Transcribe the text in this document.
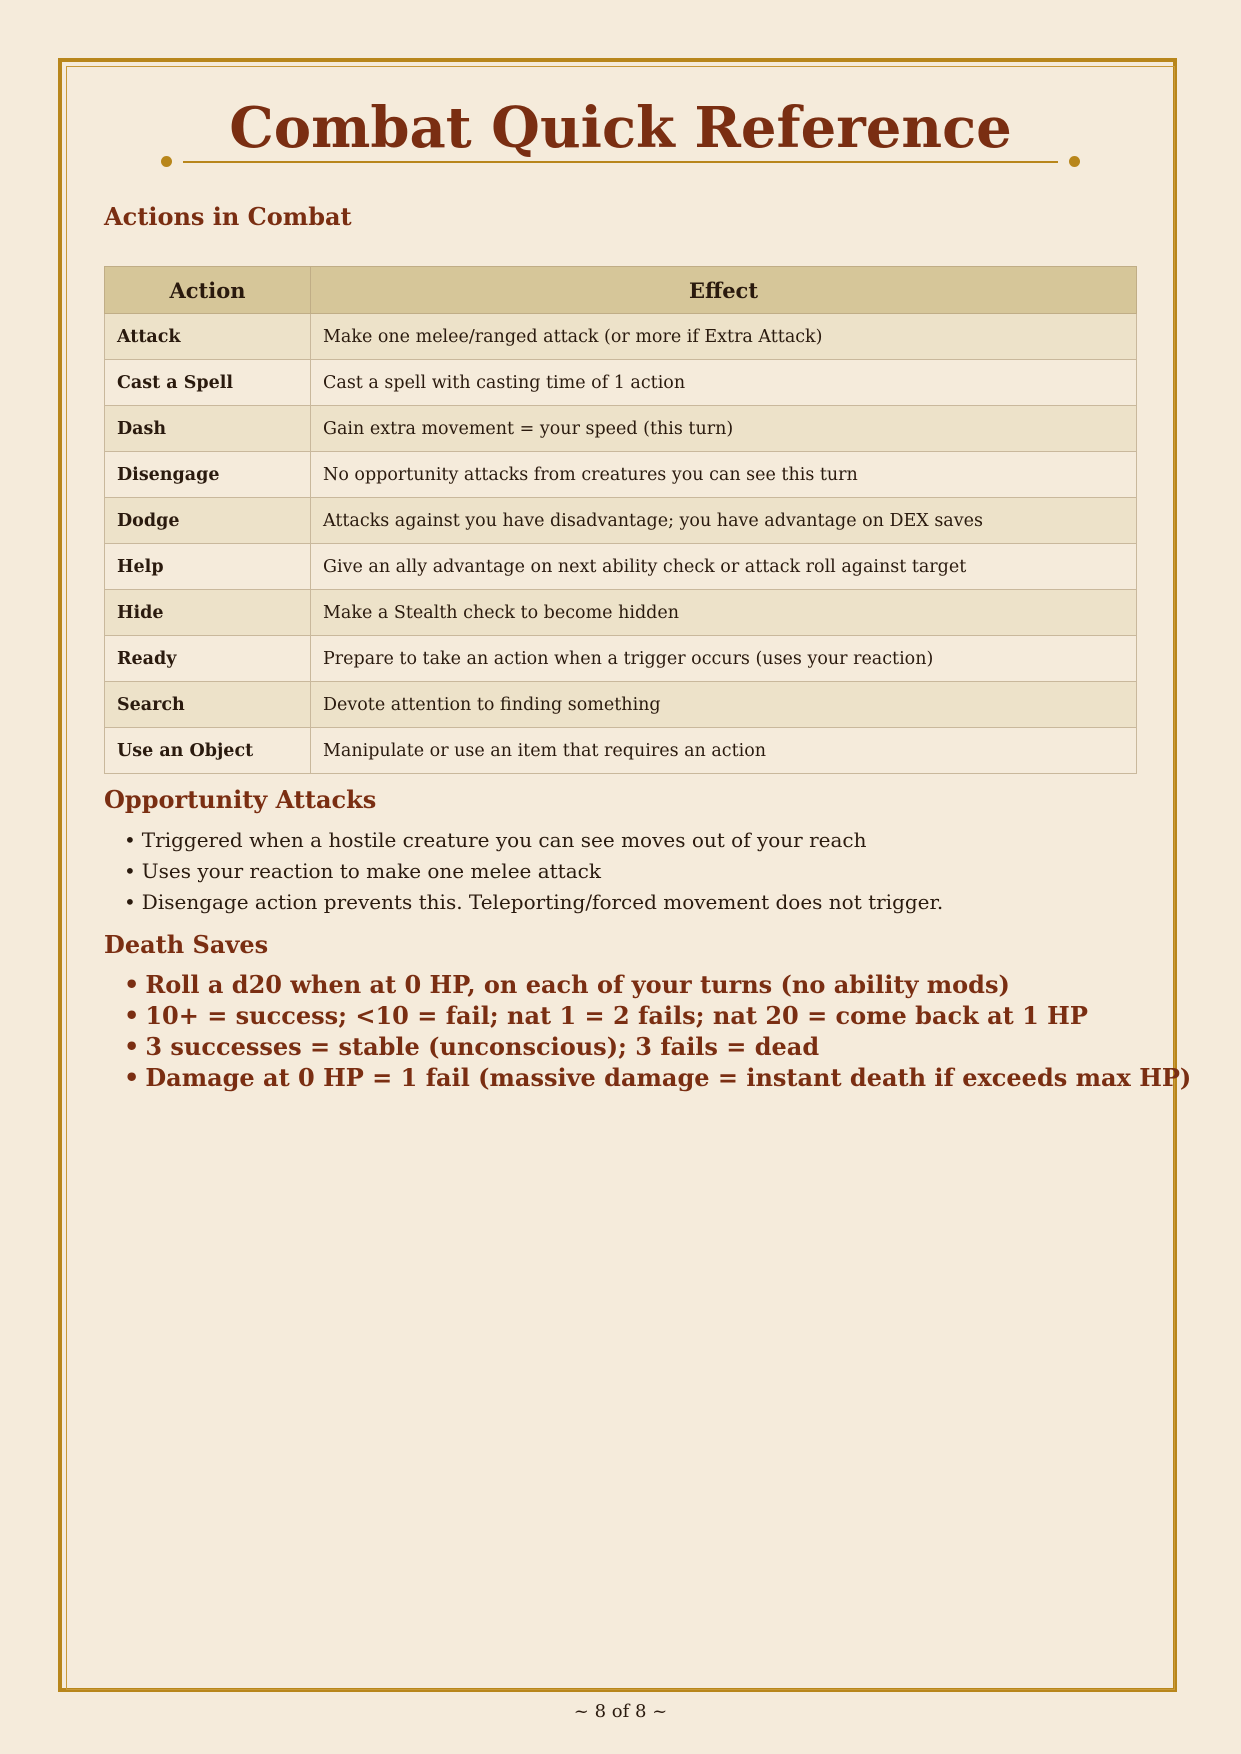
Combat Quick Reference
Actions in Combat
Action	Effect
Attack	Make one melee/ranged attack (or more if Extra Attack)
Cast a Spell	Cast a spell with casting time of 1 action
Dash	Gain extra movement = your speed (this turn)
Disengage	No opportunity attacks from creatures you can see this turn
Dodge	Attacks against you have disadvantage; you have advantage on DEX saves
Help	Give an ally advantage on next ability check or attack roll against target
Hide	Make a Stealth check to become hidden
Ready	Prepare to take an action when a trigger occurs (uses your reaction)
Search	Devote attention to finding something
Use an Object	Manipulate or use an item that requires an action
Opportunity Attacks
• Triggered when a hostile creature you can see moves out of your reach
• Uses your reaction to make one melee attack
• Disengage action prevents this. Teleporting/forced movement does not trigger.
Death Saves
• Roll a d20 when at 0 HP, on each of your turns (no ability mods)
• 10+ = success; <10 = fail; nat 1 = 2 fails; nat 20 = come back at 1 HP
• 3 successes = stable (unconscious); 3 fails = dead
• Damage at 0 HP = 1 fail (massive damage = instant death if exceeds max HP)
~ 8 of 8 ~
